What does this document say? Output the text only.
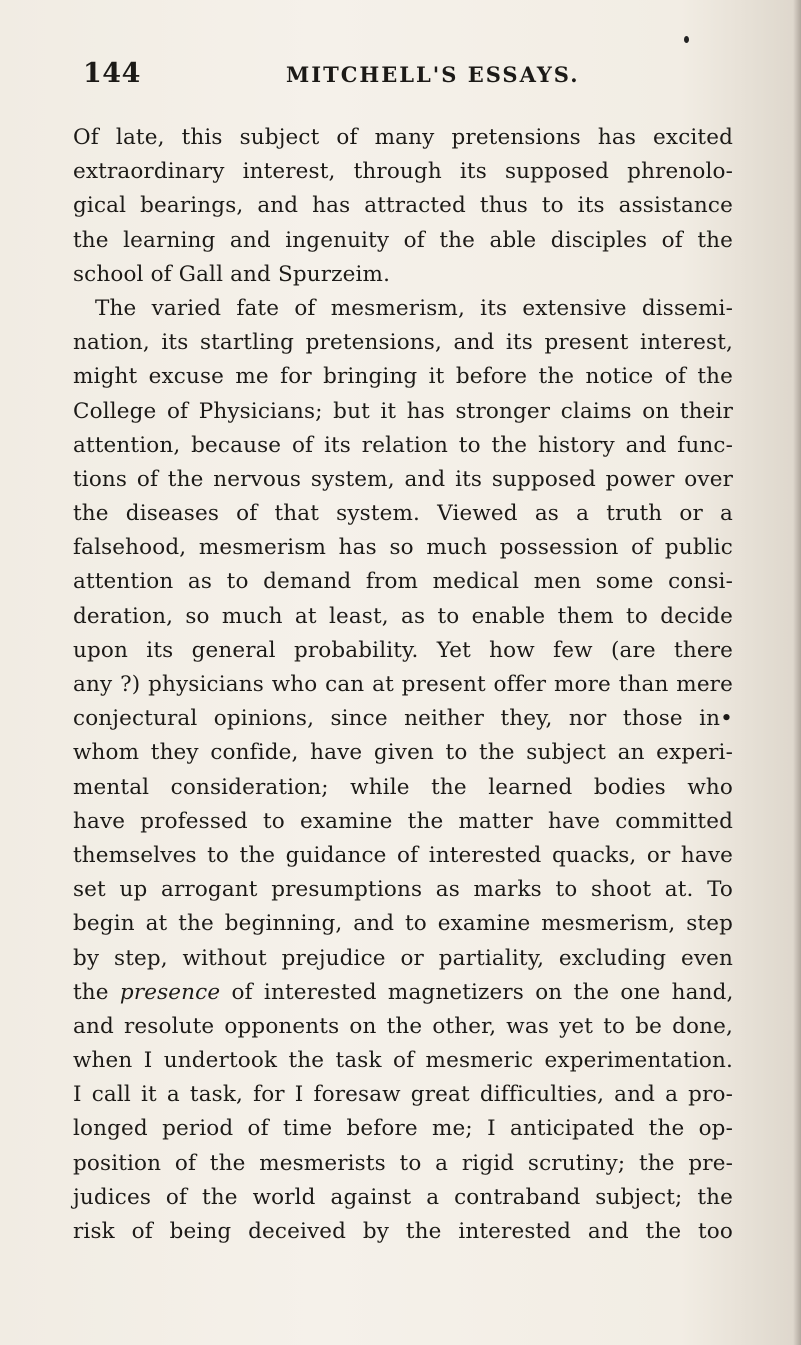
144	MITCHELL'S ESSAYS.
Of late, this subject of many pretensions has excited
extraordinary interest, through its supposed phrenolo-
gical bearings, and has attracted thus to its assistance
the learning and ingenuity of the able disciples of the
school of Gall and Spurzeim.
The varied fate of mesmerism, its extensive dissemi-
nation, its startling pretensions, and its present interest,
might excuse me for bringing it before the notice of the
College of Physicians; but it has stronger claims on their
attention, because of its relation to the history and func-
tions of the nervous system, and its supposed power over
the diseases of that system. Viewed as a truth or a
falsehood, mesmerism has so much possession of public
attention as to demand from medical men some consi-
deration, so much at least, as to enable them to decide
upon its general probability. Yet how few (are there
any ?) physicians who can at present offer more than mere
conjectural opinions, since neither they, nor those in•
whom they confide, have given to the subject an experi-
mental consideration; while the learned bodies who
have professed to examine the matter have committed
themselves to the guidance of interested quacks, or have
set up arrogant presumptions as marks to shoot at. To
begin at the beginning, and to examine mesmerism, step
by step, without prejudice or partiality, excluding even
the presence of interested magnetizers on the one hand,
and resolute opponents on the other, was yet to be done,
when I undertook the task of mesmeric experimentation.
I call it a task, for I foresaw great difficulties, and a pro-
longed period of time before me; I anticipated the op-
position of the mesmerists to a rigid scrutiny; the pre-
judices of the world against a contraband subject; the
risk of being deceived by the interested and the too
